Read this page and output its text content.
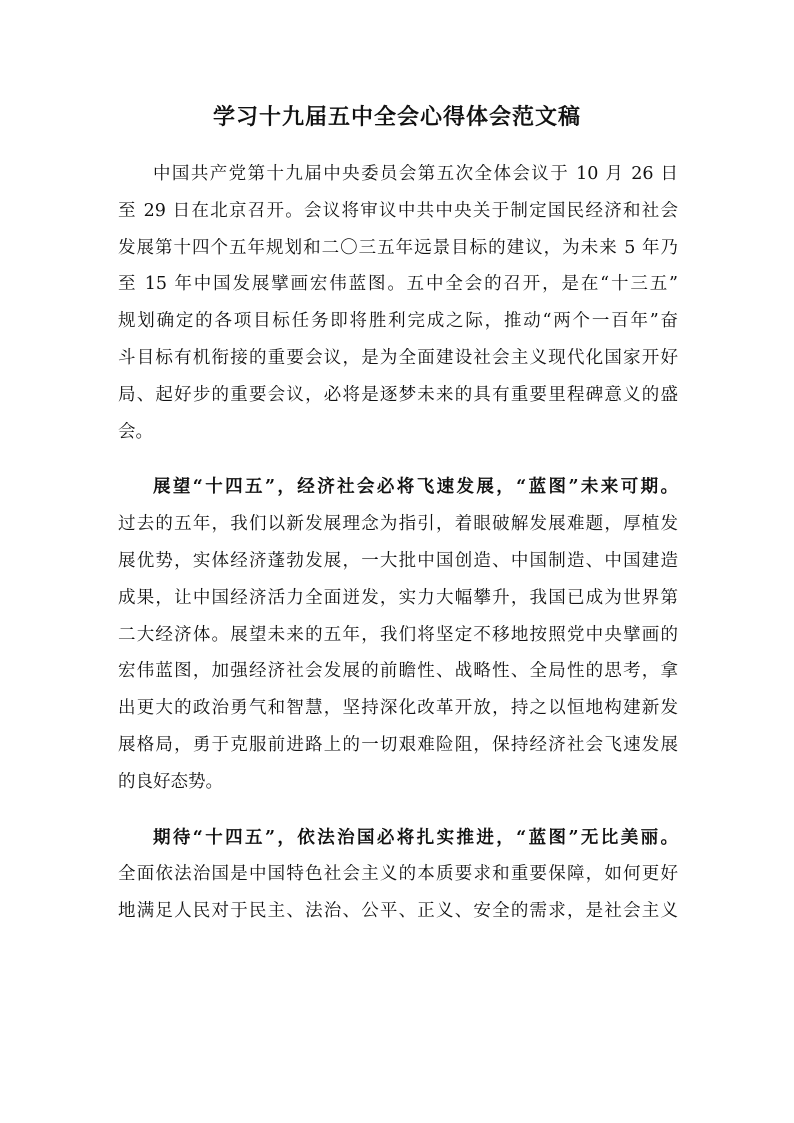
学习十九届五中全会心得体会范文稿
中国共产党第十九届中央委员会第五次全体会议于 10 月 26 日
至 29 日在北京召开。会议将审议中共中央关于制定国民经济和社会
发展第十四个五年规划和二〇三五年远景目标的建议，为未来 5 年乃
至 15 年中国发展擘画宏伟蓝图。五中全会的召开，是在“十三五”
规划确定的各项目标任务即将胜利完成之际，推动“两个一百年”奋
斗目标有机衔接的重要会议，是为全面建设社会主义现代化国家开好
局、起好步的重要会议，必将是逐梦未来的具有重要里程碑意义的盛
会。
展望“十四五”，经济社会必将飞速发展，“蓝图”未来可期。
过去的五年，我们以新发展理念为指引，着眼破解发展难题，厚植发
展优势，实体经济蓬勃发展，一大批中国创造、中国制造、中国建造
成果，让中国经济活力全面迸发，实力大幅攀升，我国已成为世界第
二大经济体。展望未来的五年，我们将坚定不移地按照党中央擘画的
宏伟蓝图，加强经济社会发展的前瞻性、战略性、全局性的思考，拿
出更大的政治勇气和智慧，坚持深化改革开放，持之以恒地构建新发
展格局，勇于克服前进路上的一切艰难险阻，保持经济社会飞速发展
的良好态势。
期待“十四五”，依法治国必将扎实推进，“蓝图”无比美丽。
全面依法治国是中国特色社会主义的本质要求和重要保障，如何更好
地满足人民对于民主、法治、公平、正义、安全的需求，是社会主义
